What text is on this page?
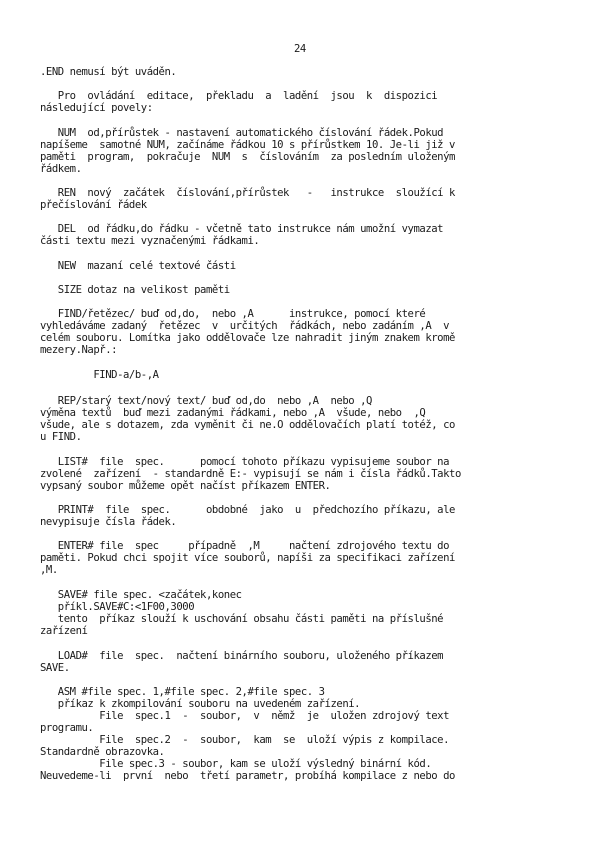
24

.END nemusí být uváděn.

Pro  ovládání  editace,  překladu  a  ladění  jsou  k  dispozici

následující povely:

NUM  od,přírůstek - nastavení automatického číslování řádek.Pokud

napíšeme  samotné NUM, začínáme řádkou 10 s přírůstkem 10. Je-li již v

paměti  program,  pokračuje  NUM  s  číslováním  za posledním uloženým

řádkem.

REN  nový  začátek  číslování,přírůstek   -   instrukce  sloužící k

přečíslování řádek

DEL  od řádku,do řádku - včetně tato instrukce nám umožní vymazat

části textu mezi vyznačenými řádkami.

NEW  mazaní celé textové části

SIZE dotaz na velikost paměti

FIND/řetězec/ buď od,do,  nebo ,A      instrukce, pomocí které

vyhledáváme zadaný  řetězec  v  určitých  řádkách, nebo zadáním ,A  v

celém souboru. Lomítka jako oddělovače lze nahradit jiným znakem kromě

mezery.Např.:

FIND-a/b-,A

REP/starý text/nový text/ buď od,do  nebo ,A  nebo ,Q

výměna textů  buď mezi zadanými řádkami, nebo ,A  všude, nebo  ,Q

všude, ale s dotazem, zda vyměnit či ne.O oddělovačích platí totéž, co

u FIND.

LIST#  file  spec.      pomocí tohoto příkazu vypisujeme soubor na

zvolené  zařízení  - standardně E:- vypisují se nám i čísla řádků.Takto

vypsaný soubor můžeme opět načíst příkazem ENTER.

PRINT#  file  spec.      obdobné  jako  u  předchozího příkazu, ale

nevypisuje čísla řádek.

ENTER# file  spec     případně  ,M     načtení zdrojového textu do

paměti. Pokud chci spojit více souborů, napíši za specifikaci zařízení

,M.

SAVE# file spec. <začátek,konec

příkl.SAVE#C:<1F00,3000

tento  příkaz slouží k uschování obsahu části paměti na příslušné

zařízení

LOAD#  file  spec.  načtení binárního souboru, uloženého příkazem

SAVE.

ASM #file spec. 1,#file spec. 2,#file spec. 3

příkaz k zkompilování souboru na uvedeném zařízení.

File  spec.1  -  soubor,  v  němž  je  uložen zdrojový text

programu.

File  spec.2  -  soubor,  kam  se  uloží výpis z kompilace.

Standardně obrazovka.

File spec.3 - soubor, kam se uloží výsledný binární kód.

Neuvedeme-li  první  nebo  třetí parametr, probíhá kompilace z nebo do
